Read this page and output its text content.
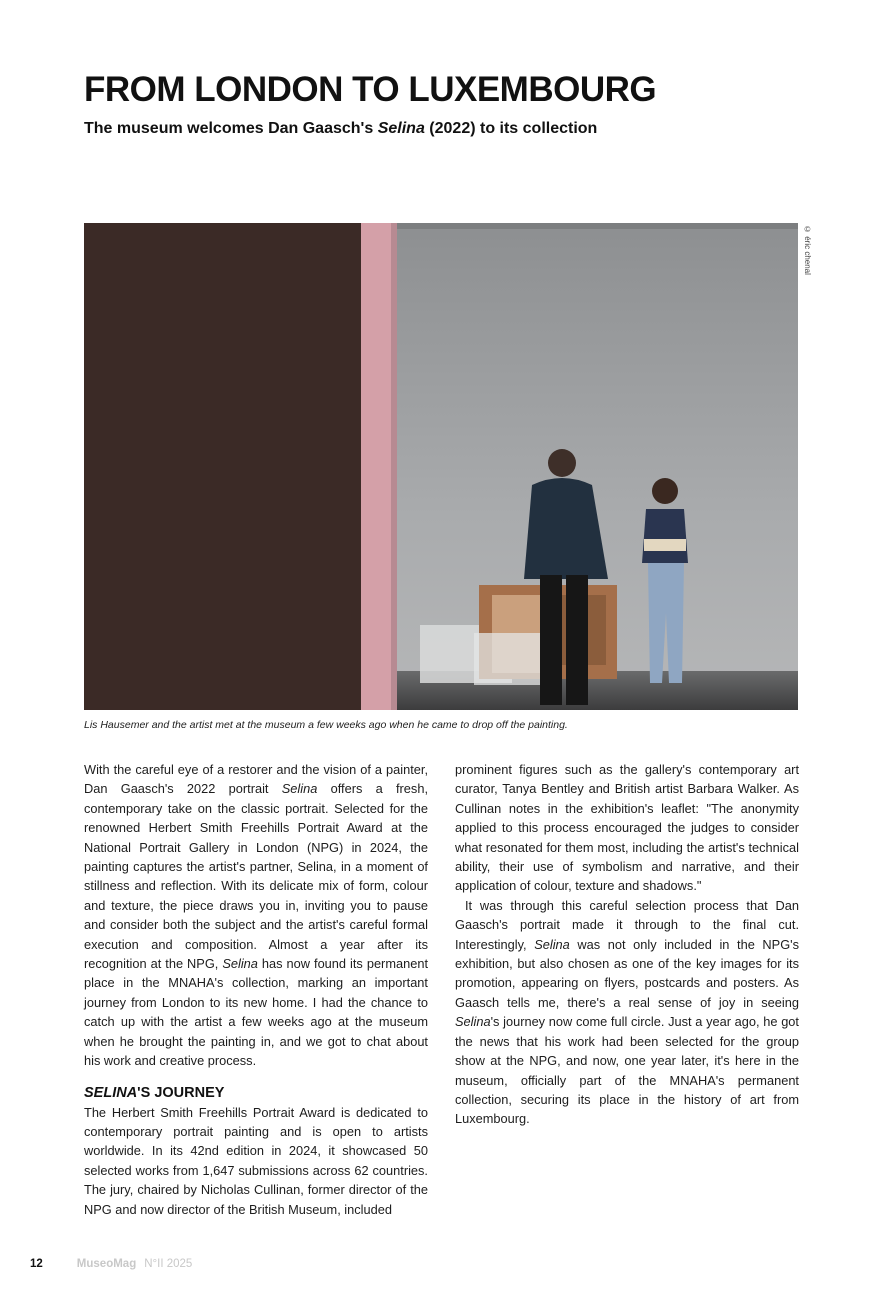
FROM LONDON TO LUXEMBOURG

The museum welcomes Dan Gaasch's Selina (2022) to its collection

© éric chenal
Lis Hausemer and the artist met at the museum a few weeks ago when he came to drop off the painting.

With the careful eye of a restorer and the vision of a painter, Dan Gaasch's 2022 portrait Selina offers a fresh, contemporary take on the classic portrait. Selected for the renowned Herbert Smith Freehills Portrait Award at the National Portrait Gallery in London (NPG) in 2024, the painting captures the artist's partner, Selina, in a moment of stillness and reflection. With its delicate mix of form, colour and texture, the piece draws you in, inviting you to pause and consider both the subject and the artist's careful formal execution and composition. Almost a year after its recognition at the NPG, Selina has now found its permanent place in the MNAHA's collection, marking an important journey from London to its new home. I had the chance to catch up with the artist a few weeks ago at the museum when he brought the painting in, and we got to chat about his work and creative process.

SELINA'S JOURNEY

The Herbert Smith Freehills Portrait Award is dedicated to contemporary portrait painting and is open to artists worldwide. In its 42nd edition in 2024, it showcased 50 selected works from 1,647 submissions across 62 countries. The jury, chaired by Nicholas Cullinan, former director of the NPG and now director of the British Museum, included

prominent figures such as the gallery's contemporary art curator, Tanya Bentley and British artist Barbara Walker. As Cullinan notes in the exhibition's leaflet: "The anonymity applied to this process encouraged the judges to consider what resonated for them most, including the artist's technical ability, their use of symbolism and narrative, and their application of colour, texture and shadows."

It was through this careful selection process that Dan Gaasch's portrait made it through to the final cut. Interestingly, Selina was not only included in the NPG's exhibition, but also chosen as one of the key images for its promotion, appearing on flyers, postcards and posters. As Gaasch tells me, there's a real sense of joy in seeing Selina's journey now come full circle. Just a year ago, he got the news that his work had been selected for the group show at the NPG, and now, one year later, it's here in the museum, officially part of the MNAHA's permanent collection, securing its place in the history of art from Luxembourg.

12	MuseoMag N°II 2025
